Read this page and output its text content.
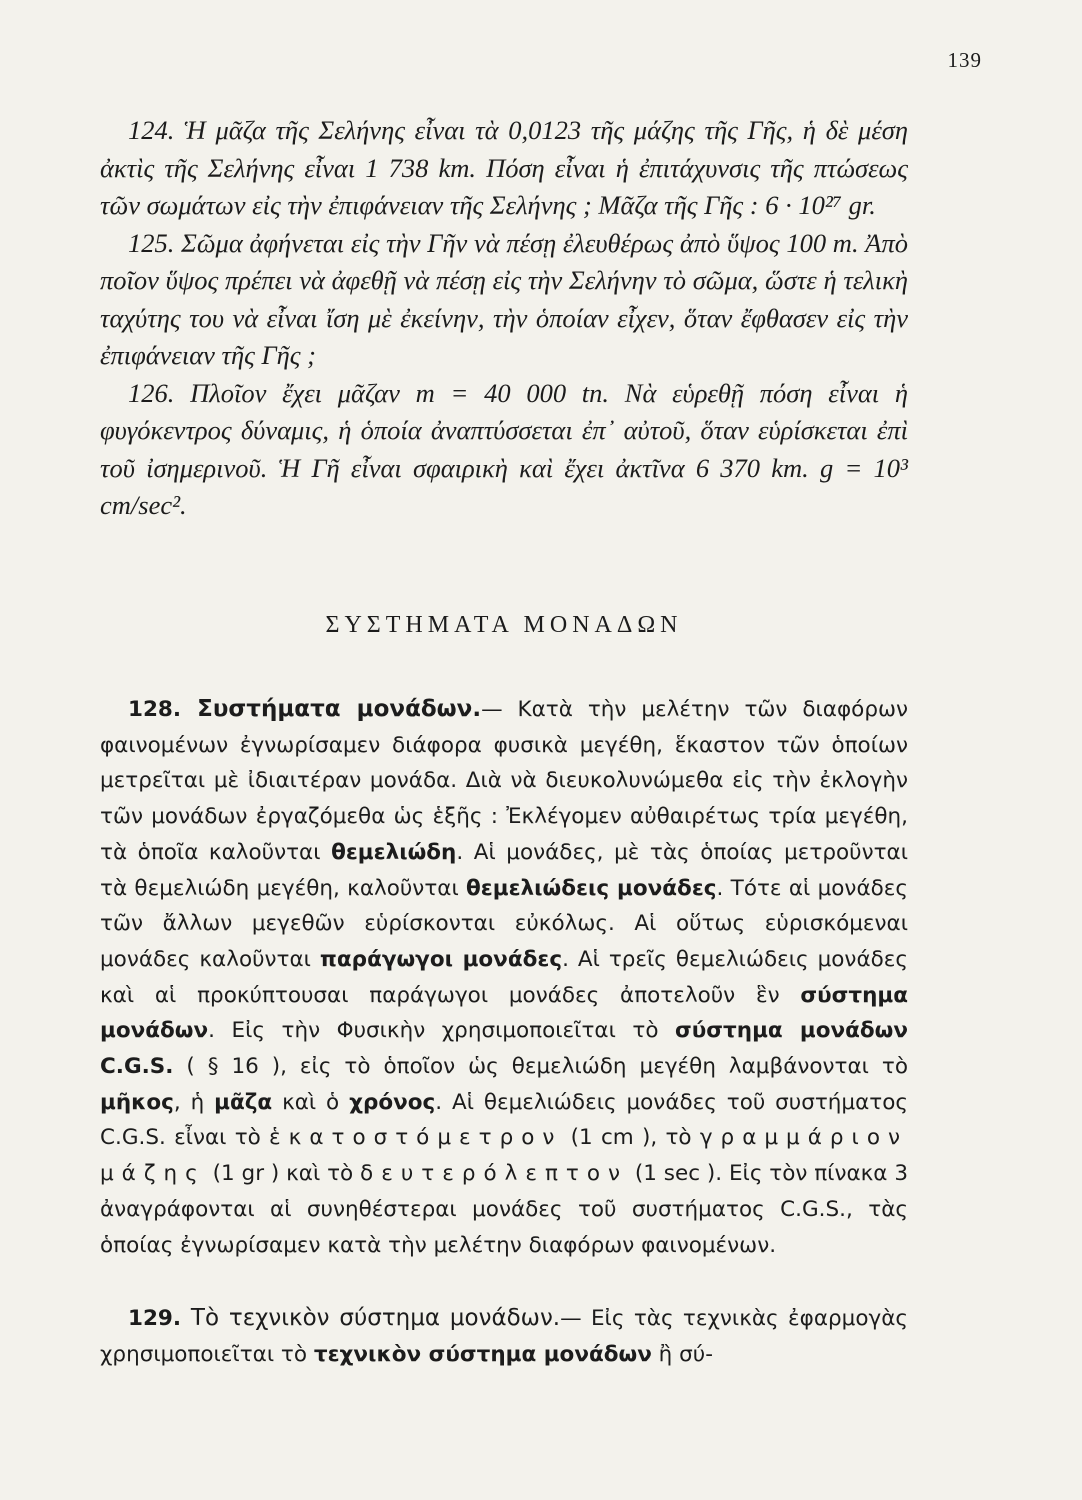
139

124. Ἡ μᾶζα τῆς Σελήνης εἶναι τὰ 0,0123 τῆς μάζης τῆς Γῆς, ἡ δὲ μέση ἀκτὶς τῆς Σελήνης εἶναι 1 738 km. Πόση εἶναι ἡ ἐπιτάχυνσις τῆς πτώσεως τῶν σωμάτων εἰς τὴν ἐπιφάνειαν τῆς Σελήνης ; Μᾶζα τῆς Γῆς : 6 · 10²⁷ gr.

125. Σῶμα ἀφήνεται εἰς τὴν Γῆν νὰ πέσῃ ἐλευθέρως ἀπὸ ὕψος 100 m. Ἀπὸ ποῖον ὕψος πρέπει νὰ ἀφεθῇ νὰ πέσῃ εἰς τὴν Σελήνην τὸ σῶμα, ὥστε ἡ τελικὴ ταχύτης του νὰ εἶναι ἴση μὲ ἐκείνην, τὴν ὁποίαν εἶχεν, ὅταν ἔφθασεν εἰς τὴν ἐπιφάνειαν τῆς Γῆς ;

126. Πλοῖον ἔχει μᾶζαν m = 40 000 tn. Νὰ εὑρεθῇ πόση εἶναι ἡ φυγόκεντρος δύναμις, ἡ ὁποία ἀναπτύσσεται ἐπ᾽ αὐτοῦ, ὅταν εὑρίσκεται ἐπὶ τοῦ ἰσημερινοῦ. Ἡ Γῆ εἶναι σφαιρικὴ καὶ ἔχει ἀκτῖνα 6 370 km. g = 10³ cm/sec².

ΣΥΣΤΗΜΑΤΑ ΜΟΝΑΔΩΝ

128. Συστήματα μονάδων.— Κατὰ τὴν μελέτην τῶν διαφόρων φαινομένων ἐγνωρίσαμεν διάφορα φυσικὰ μεγέθη, ἕκαστον τῶν ὁποίων μετρεῖται μὲ ἰδιαιτέραν μονάδα. Διὰ νὰ διευκολυνώμεθα εἰς τὴν ἐκλογὴν τῶν μονάδων ἐργαζόμεθα ὡς ἑξῆς : Ἐκλέγομεν αὐθαιρέτως τρία μεγέθη, τὰ ὁποῖα καλοῦνται θεμελιώδη. Αἱ μονάδες, μὲ τὰς ὁποίας μετροῦνται τὰ θεμελιώδη μεγέθη, καλοῦνται θεμελιώδεις μονάδες. Τότε αἱ μονάδες τῶν ἄλλων μεγεθῶν εὑρίσκονται εὐκόλως. Αἱ οὕτως εὑρισκόμεναι μονάδες καλοῦνται παράγωγοι μονάδες. Αἱ τρεῖς θεμελιώδεις μονάδες καὶ αἱ προκύπτουσαι παράγωγοι μονάδες ἀποτελοῦν ἓν σύστημα μονάδων. Εἰς τὴν Φυσικὴν χρησιμοποιεῖται τὸ σύστημα μονάδων C.G.S. ( § 16 ), εἰς τὸ ὁποῖον ὡς θεμελιώδη μεγέθη λαμβάνονται τὸ μῆκος, ἡ μᾶζα καὶ ὁ χρόνος. Αἱ θεμελιώδεις μονάδες τοῦ συστήματος C.G.S. εἶναι τὸ ἑκατοστόμετρον (1 cm ), τὸ γραμμάριον μάζης (1 gr ) καὶ τὸ δευτερόλεπτον (1 sec ). Εἰς τὸν πίνακα 3 ἀναγράφονται αἱ συνηθέστεραι μονάδες τοῦ συστήματος C.G.S., τὰς ὁποίας ἐγνωρίσαμεν κατὰ τὴν μελέτην διαφόρων φαινομένων.

129. Τὸ τεχνικὸν σύστημα μονάδων.— Εἰς τὰς τεχνικὰς ἐφαρμογὰς χρησιμοποιεῖται τὸ τεχνικὸν σύστημα μονάδων ἢ σύ-
